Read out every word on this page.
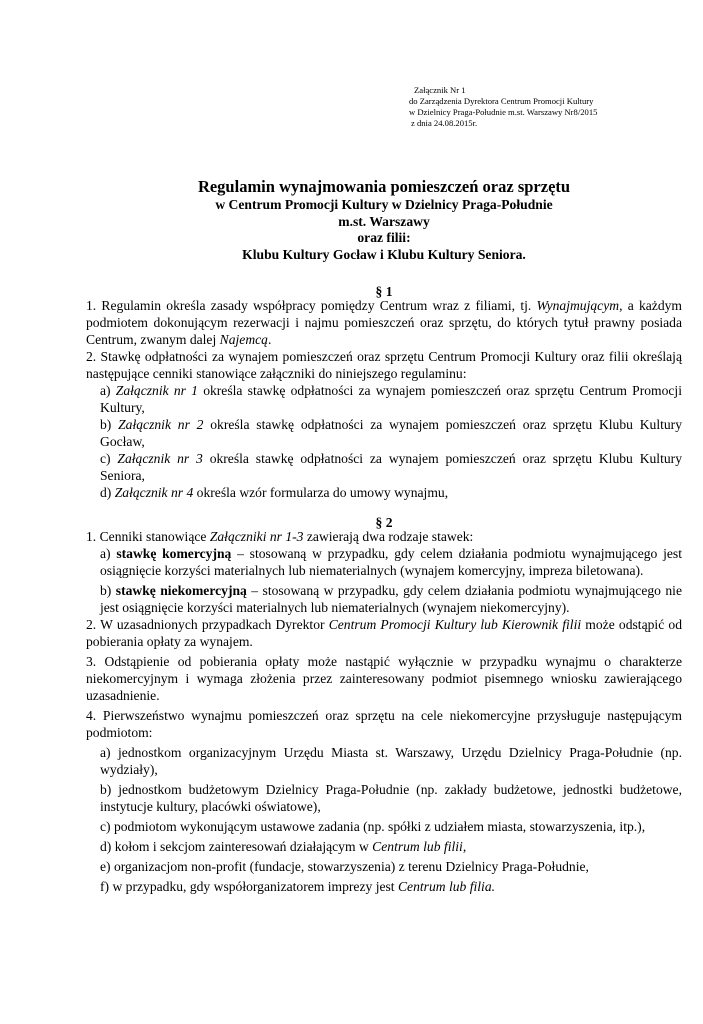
Załącznik Nr 1
do Zarządzenia Dyrektora Centrum Promocji Kultury
w Dzielnicy Praga-Południe m.st. Warszawy Nr8/2015
z dnia 24.08.2015r.
Regulamin wynajmowania pomieszczeń oraz sprzętu
w Centrum Promocji Kultury w Dzielnicy Praga-Południe
m.st. Warszawy
oraz filii:
Klubu Kultury Gocław i Klubu Kultury Seniora.
§ 1

1. Regulamin określa zasady współpracy pomiędzy Centrum wraz z filiami, tj. Wynajmującym, a każdym podmiotem dokonującym rezerwacji i najmu pomieszczeń oraz sprzętu, do których tytuł prawny posiada Centrum, zwanym dalej Najemcą.

2. Stawkę odpłatności za wynajem pomieszczeń oraz sprzętu Centrum Promocji Kultury oraz filii określają następujące cenniki stanowiące załączniki do niniejszego regulaminu:

a) Załącznik nr 1 określa stawkę odpłatności za wynajem pomieszczeń oraz sprzętu Centrum Promocji Kultury,

b) Załącznik nr 2 określa stawkę odpłatności za wynajem pomieszczeń oraz sprzętu Klubu Kultury Gocław,

c) Załącznik nr 3 określa stawkę odpłatności za wynajem pomieszczeń oraz sprzętu Klubu Kultury Seniora,

d) Załącznik nr 4 określa wzór formularza do umowy wynajmu,

§ 2

1. Cenniki stanowiące Załączniki nr 1-3 zawierają dwa rodzaje stawek:

a) stawkę komercyjną – stosowaną w przypadku, gdy celem działania podmiotu wynajmującego jest osiągnięcie korzyści materialnych lub niematerialnych (wynajem komercyjny, impreza biletowana).

b) stawkę niekomercyjną – stosowaną w przypadku, gdy celem działania podmiotu wynajmującego nie jest osiągnięcie korzyści materialnych lub niematerialnych (wynajem niekomercyjny).

2. W uzasadnionych przypadkach Dyrektor Centrum Promocji Kultury lub Kierownik filii może odstąpić od pobierania opłaty za wynajem.

3. Odstąpienie od pobierania opłaty może nastąpić wyłącznie w przypadku wynajmu o charakterze niekomercyjnym i wymaga złożenia przez zainteresowany podmiot pisemnego wniosku zawierającego uzasadnienie.

4. Pierwszeństwo wynajmu pomieszczeń oraz sprzętu na cele niekomercyjne przysługuje następującym podmiotom:

a) jednostkom organizacyjnym Urzędu Miasta st. Warszawy, Urzędu Dzielnicy Praga-Południe (np. wydziały),

b) jednostkom budżetowym Dzielnicy Praga-Południe (np. zakłady budżetowe, jednostki budżetowe, instytucje kultury, placówki oświatowe),

c) podmiotom wykonującym ustawowe zadania (np. spółki z udziałem miasta, stowarzyszenia, itp.),

d) kołom i sekcjom zainteresowań działającym w Centrum lub filii,

e) organizacjom non-profit (fundacje, stowarzyszenia) z terenu Dzielnicy Praga-Południe,

f) w przypadku, gdy współorganizatorem imprezy jest Centrum lub filia.
